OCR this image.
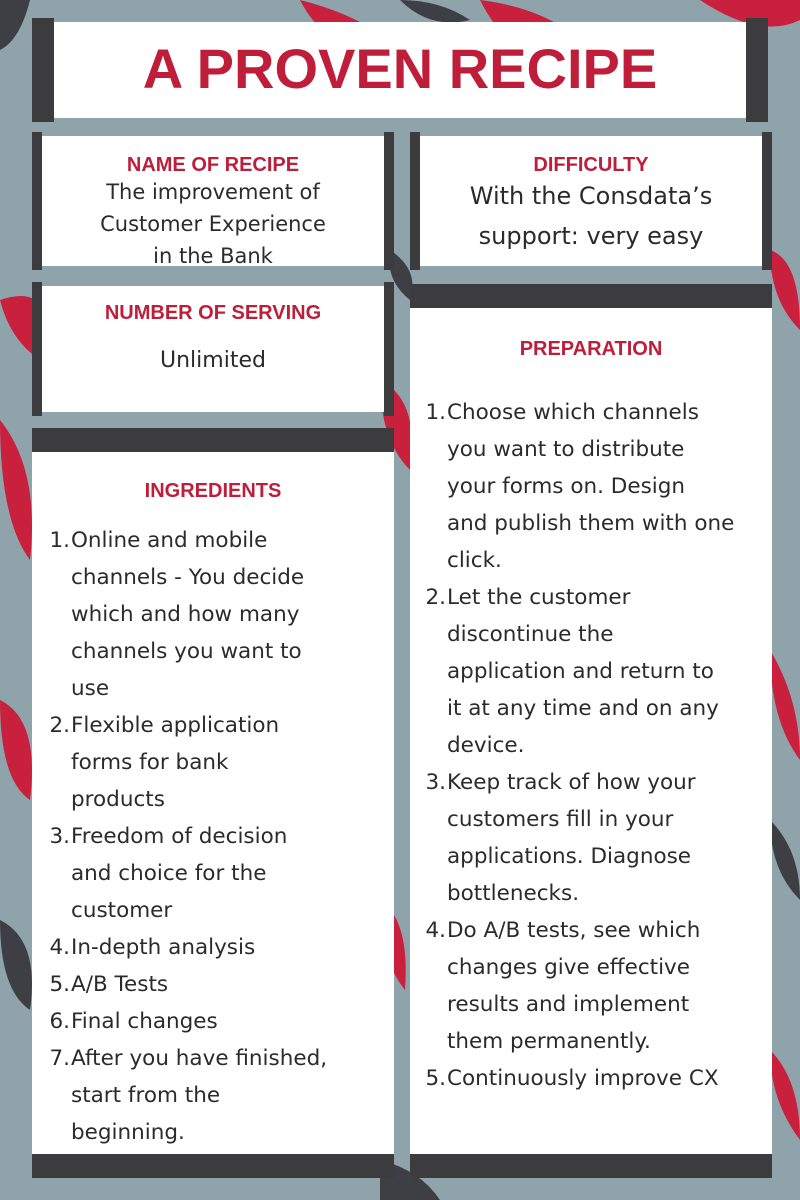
A PROVEN RECIPE
NAME OF RECIPE
The improvement of
Customer Experience
in the Bank
DIFFICULTY
With the Consdata’s
support: very easy
NUMBER OF SERVING
Unlimited	PREPARATION
1. Choose which channels
you want to distribute
your forms on. Design
and publish them with one
click.
2. Let the customer
discontinue the
application and return to
it at any time and on any
device.
3. Keep track of how your
customers fill in your
applications. Diagnose
bottlenecks.
4. Do A/B tests, see which
changes give effective
results and implement
them permanently.
5. Continuously improve CX
INGREDIENTS
1. Online and mobile
channels - You decide
which and how many
channels you want to
use
2. Flexible application
forms for bank
products
3. Freedom of decision
and choice for the
customer
4. In-depth analysis
5. A/B Tests
6. Final changes
7. After you have finished,
start from the
beginning.
